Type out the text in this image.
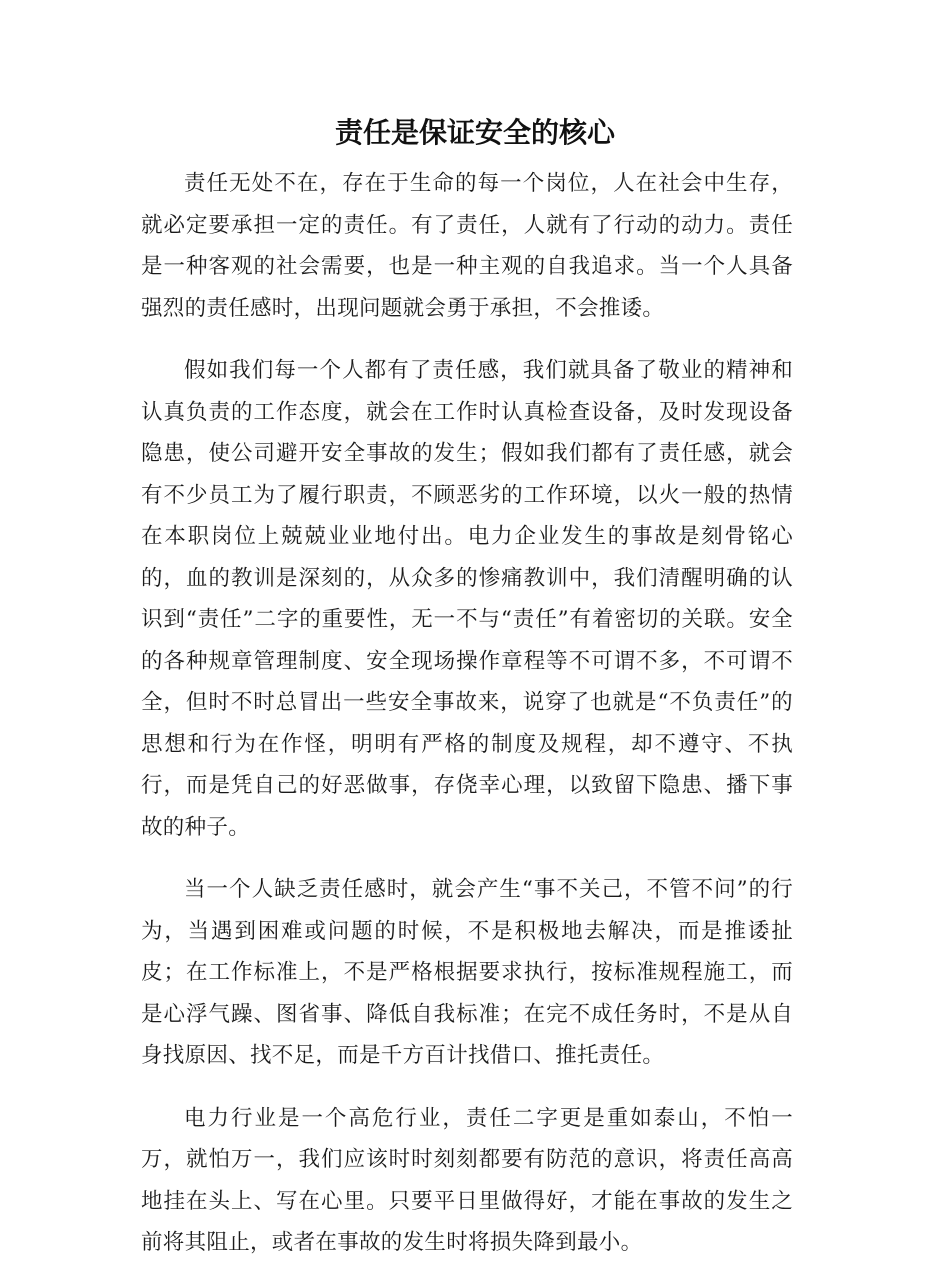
责任是保证安全的核心

责任无处不在，存在于生命的每一个岗位，人在社会中生存，就必定要承担一定的责任。有了责任，人就有了行动的动力。责任是一种客观的社会需要，也是一种主观的自我追求。当一个人具备强烈的责任感时，出现问题就会勇于承担，不会推诿。

假如我们每一个人都有了责任感，我们就具备了敬业的精神和认真负责的工作态度，就会在工作时认真检查设备，及时发现设备隐患，使公司避开安全事故的发生；假如我们都有了责任感，就会有不少员工为了履行职责，不顾恶劣的工作环境，以火一般的热情在本职岗位上兢兢业业地付出。电力企业发生的事故是刻骨铭心的，血的教训是深刻的，从众多的惨痛教训中，我们清醒明确的认识到“责任”二字的重要性，无一不与“责任”有着密切的关联。安全的各种规章管理制度、安全现场操作章程等不可谓不多，不可谓不全，但时不时总冒出一些安全事故来，说穿了也就是“不负责任”的思想和行为在作怪，明明有严格的制度及规程，却不遵守、不执行，而是凭自己的好恶做事，存侥幸心理，以致留下隐患、播下事故的种子。

当一个人缺乏责任感时，就会产生“事不关己，不管不问”的行为，当遇到困难或问题的时候，不是积极地去解决，而是推诿扯皮；在工作标准上，不是严格根据要求执行，按标准规程施工，而是心浮气躁、图省事、降低自我标准；在完不成任务时，不是从自身找原因、找不足，而是千方百计找借口、推托责任。

电力行业是一个高危行业，责任二字更是重如泰山，不怕一万，就怕万一，我们应该时时刻刻都要有防范的意识，将责任高高地挂在头上、写在心里。只要平日里做得好，才能在事故的发生之前将其阻止，或者在事故的发生时将损失降到最小。
